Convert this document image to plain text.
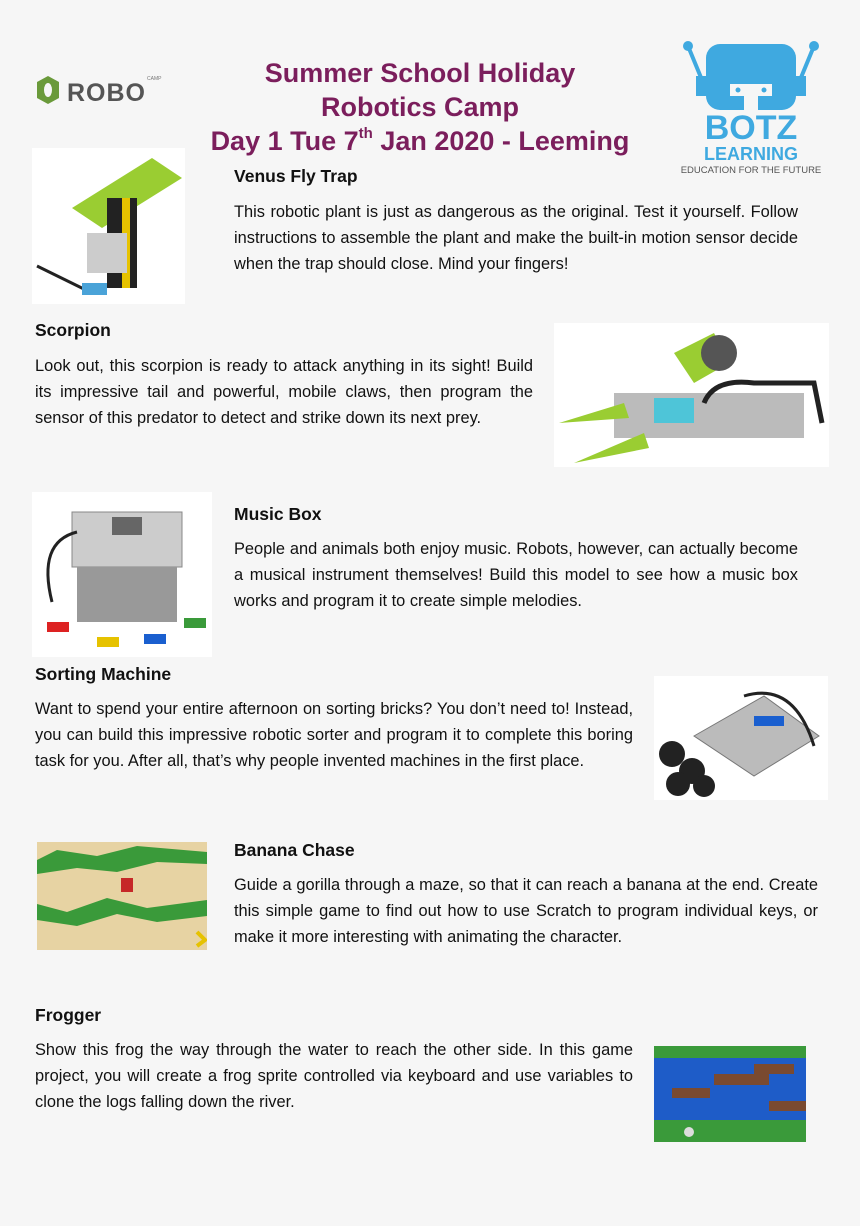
ROBO CAMP	Summer School Holiday
Robotics Camp
Day 1 Tue 7th Jan 2020 - Leeming	BOTZ
LEARNING
EDUCATION FOR THE FUTURE
Venus Fly Trap

This robotic plant is just as dangerous as the original. Test it yourself. Follow instructions to assemble the plant and make the built-in motion sensor decide when the trap should close. Mind your fingers!

Scorpion

Look out, this scorpion is ready to attack anything in its sight! Build its impressive tail and powerful, mobile claws, then program the sensor of this predator to detect and strike down its next prey.

Music Box

People and animals both enjoy music. Robots, however, can actually become a musical instrument themselves! Build this model to see how a music box works and program it to create simple melodies.

Sorting Machine

Want to spend your entire afternoon on sorting bricks? You don’t need to! Instead, you can build this impressive robotic sorter and program it to complete this boring task for you. After all, that’s why people invented machines in the first place.

Banana Chase

Guide a gorilla through a maze, so that it can reach a banana at the end. Create this simple game to find out how to use Scratch to program individual keys, or make it more interesting with animating the character.

Frogger

Show this frog the way through the water to reach the other side. In this game project, you will create a frog sprite controlled via keyboard and use variables to clone the logs falling down the river.
